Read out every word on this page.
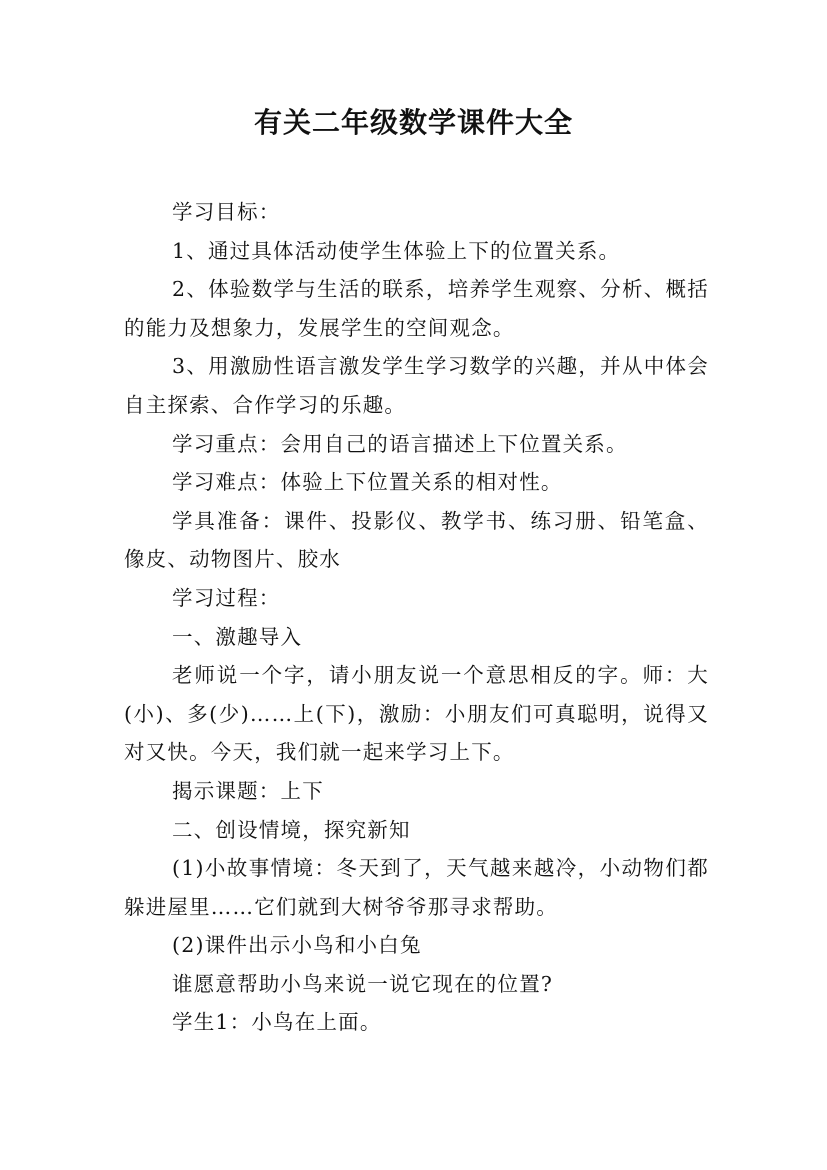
有关二年级数学课件大全

学习目标：

1、通过具体活动使学生体验上下的位置关系。

2、体验数学与生活的联系，培养学生观察、分析、概括的能力及想象力，发展学生的空间观念。

3、用激励性语言激发学生学习数学的兴趣，并从中体会自主探索、合作学习的乐趣。

学习重点：会用自己的语言描述上下位置关系。

学习难点：体验上下位置关系的相对性。

学具准备：课件、投影仪、教学书、练习册、铅笔盒、像皮、动物图片、胶水

学习过程：

一、激趣导入

老师说一个字，请小朋友说一个意思相反的字。师：大(小)、多(少)……上(下)，激励：小朋友们可真聪明，说得又对又快。今天，我们就一起来学习上下。

揭示课题：上下

二、创设情境，探究新知

(1)小故事情境：冬天到了，天气越来越冷，小动物们都躲进屋里……它们就到大树爷爷那寻求帮助。

(2)课件出示小鸟和小白兔

谁愿意帮助小鸟来说一说它现在的位置?

学生1：小鸟在上面。
